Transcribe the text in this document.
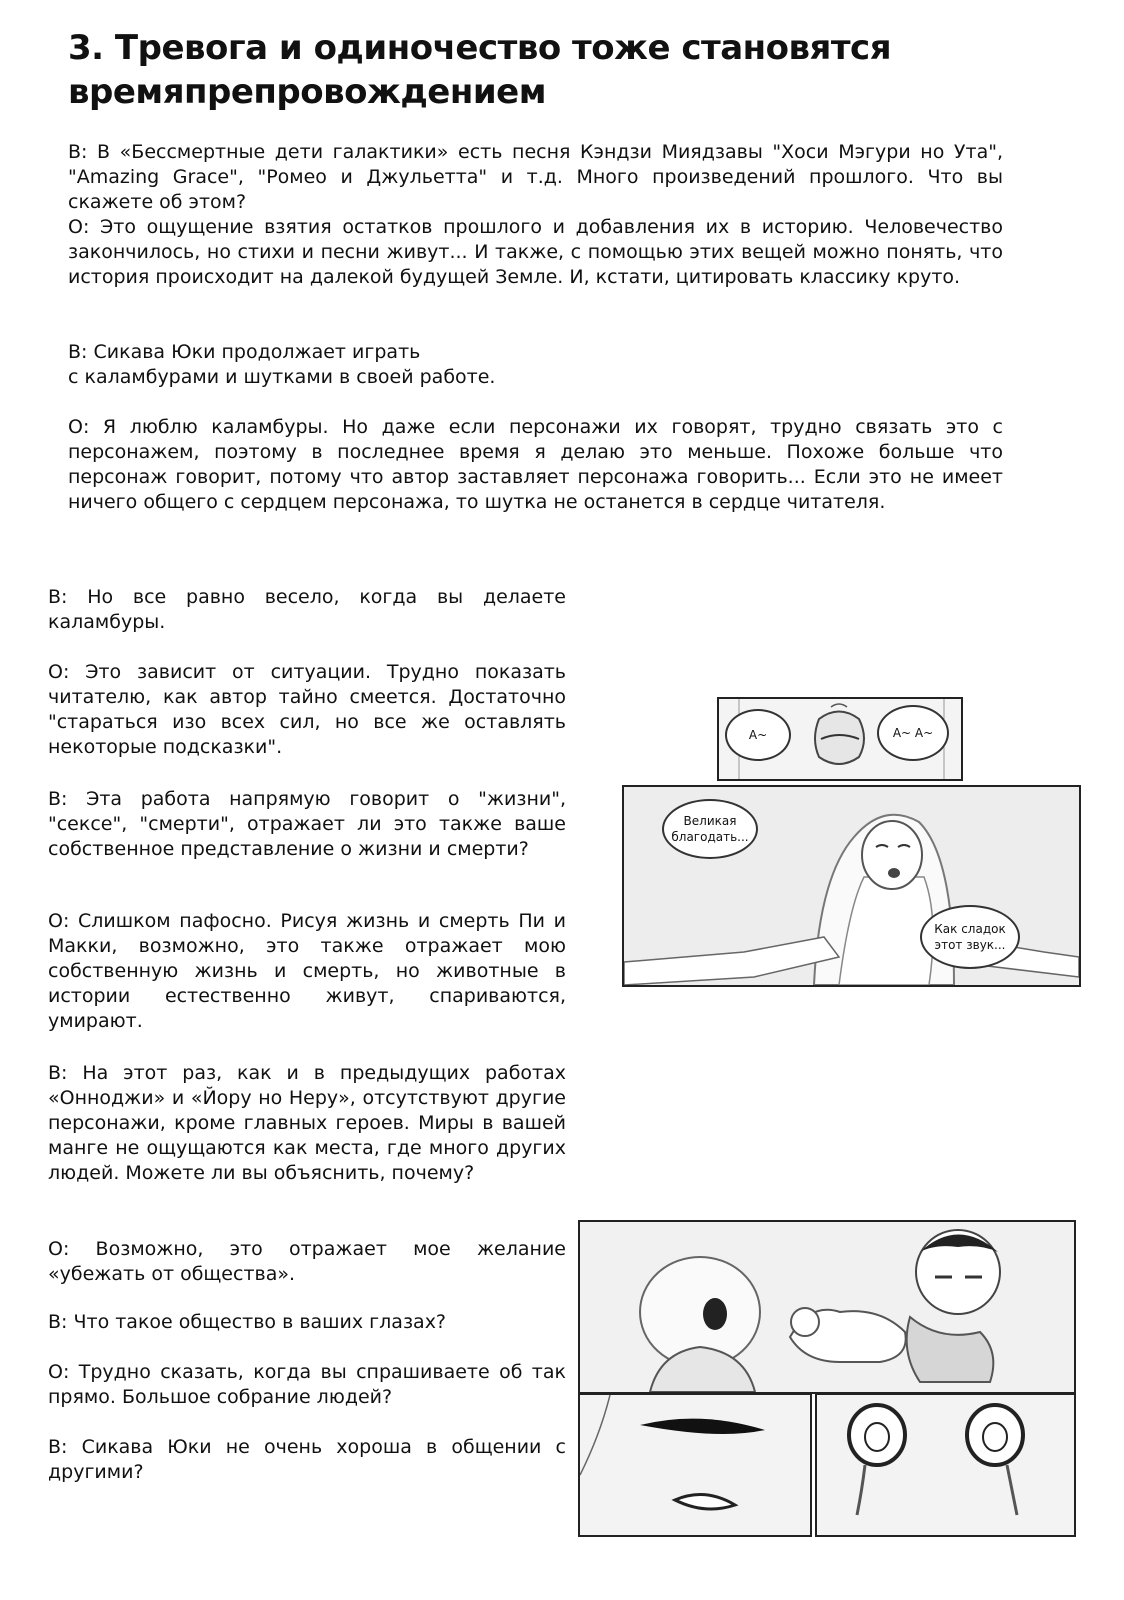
3. Тревога и одиночество тоже становятся времяпрепровождением

В: В «Бессмертные дети галактики» есть песня Кэндзи Миядзавы "Хоси Мэгури но Ута", "Amazing Grace", "Ромео и Джульетта" и т.д. Много произведений прошлого. Что вы скажете об этом?

О: Это ощущение взятия остатков прошлого и добавления их в историю. Человечество закончилось, но стихи и песни живут... И также, с помощью этих вещей можно понять, что история происходит на далекой будущей Земле. И, кстати, цитировать классику круто.

В: Сикава Юки продолжает играть
с каламбурами и шутками в своей работе.

О: Я люблю каламбуры. Но даже если персонажи их говорят, трудно связать это с персонажем, поэтому в последнее время я делаю это меньше. Похоже больше что персонаж говорит, потому что автор заставляет персонажа говорить... Если это не имеет ничего общего с сердцем персонажа, то шутка не останется в сердце читателя.

В: Но все равно весело, когда вы делаете каламбуры.

О: Это зависит от ситуации. Трудно показать читателю, как автор тайно смеется. Достаточно "стараться изо всех сил, но все же оставлять некоторые подсказки".

В: Эта работа напрямую говорит о "жизни", "сексе", "смерти", отражает ли это также ваше собственное представление о жизни и смерти?

О: Слишком пафосно. Рисуя жизнь и смерть Пи и Макки, возможно, это также отражает мою собственную жизнь и смерть, но животные в истории естественно живут, спариваются, умирают.

В: На этот раз, как и в предыдущих работах «Онноджи» и «Йору но Неру», отсутствуют другие персонажи, кроме главных героев. Миры в вашей манге не ощущаются как места, где много других людей. Можете ли вы объяснить, почему?

О: Возможно, это отражает мое желание «убежать от общества».

В: Что такое общество в ваших глазах?

О: Трудно сказать, когда вы спрашиваете об так прямо. Большое собрание людей?

В: Сикава Юки не очень хороша в общении с другими?

А~	А~ А~
Великая благодать...
Как сладок этот звук...
